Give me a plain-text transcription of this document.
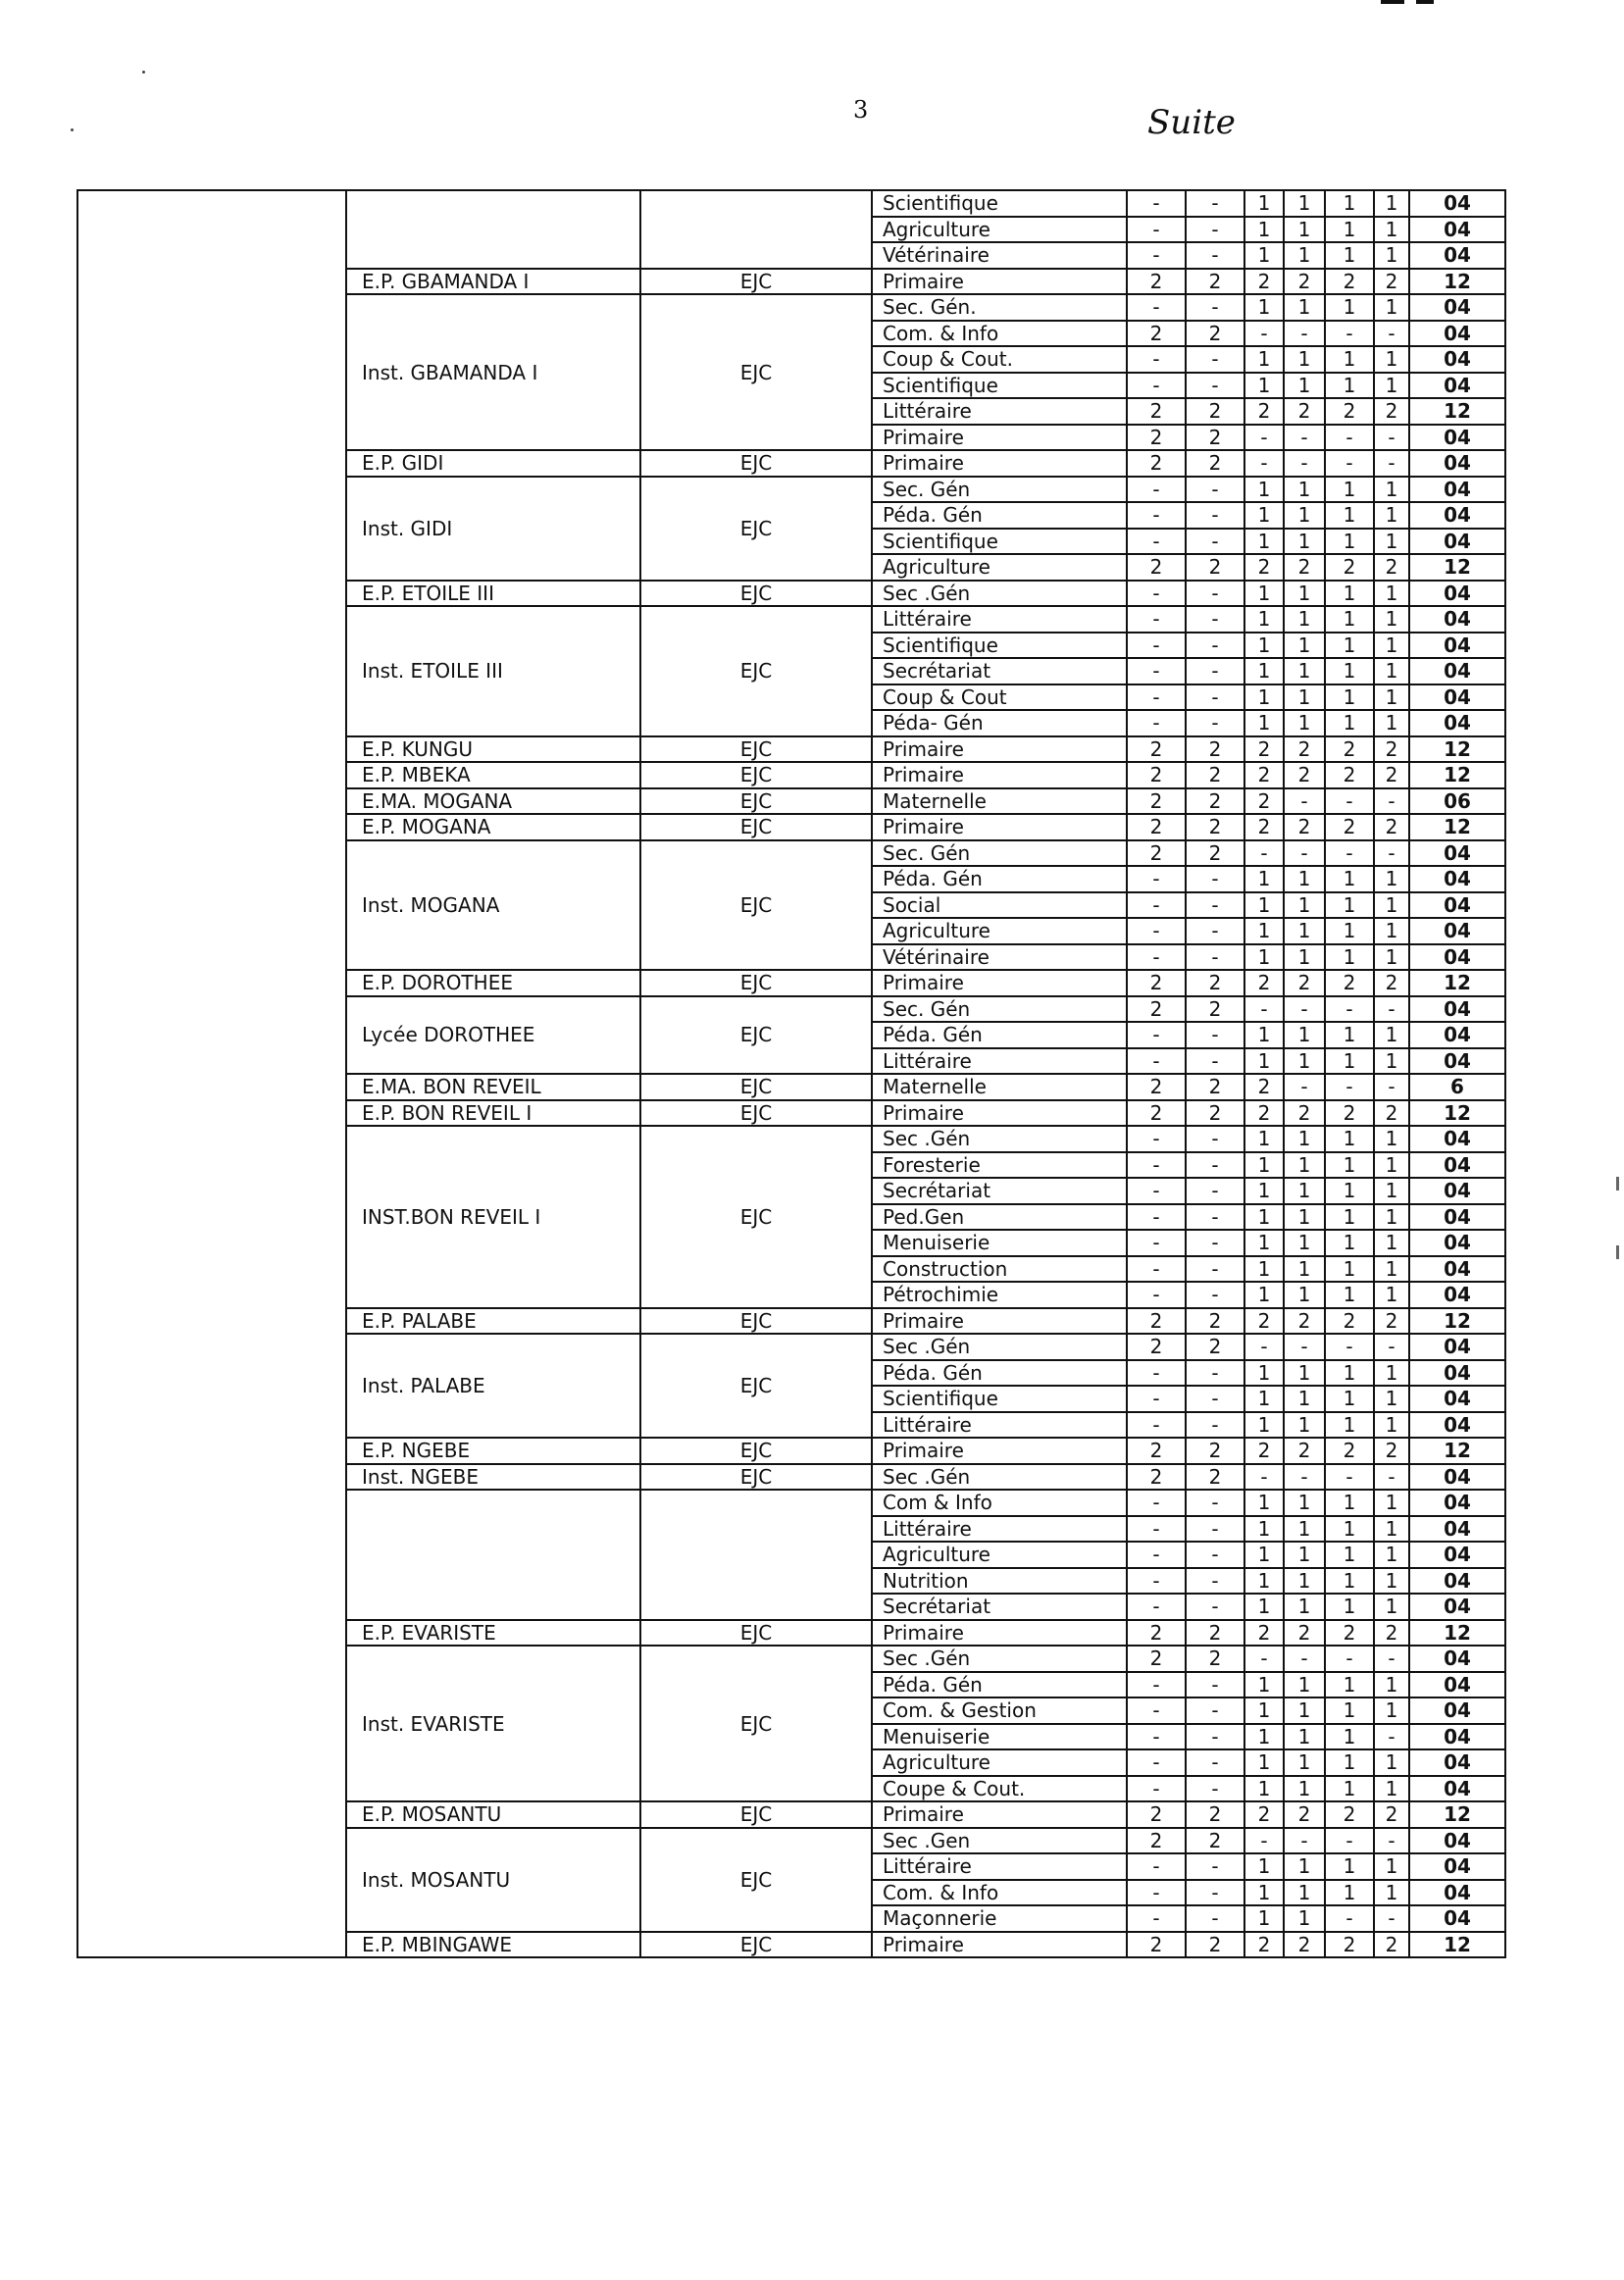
3	Suite
			Scientifique	-	-	1	1	1	1	04
			Agriculture	-	-	1	1	1	1	04
			Vétérinaire	-	-	1	1	1	1	04
	E.P. GBAMANDA I	EJC	Primaire	2	2	2	2	2	2	12
	Inst. GBAMANDA I	EJC	Sec. Gén.	-	-	1	1	1	1	04
			Com. & Info	2	2	-	-	-	-	04
			Coup & Cout.	-	-	1	1	1	1	04
			Scientifique	-	-	1	1	1	1	04
			Littéraire	2	2	2	2	2	2	12
			Primaire	2	2	-	-	-	-	04
	E.P. GIDI	EJC	Primaire	2	2	-	-	-	-	04
	Inst. GIDI	EJC	Sec. Gén	-	-	1	1	1	1	04
			Péda. Gén	-	-	1	1	1	1	04
			Scientifique	-	-	1	1	1	1	04
			Agriculture	2	2	2	2	2	2	12
	E.P. ETOILE III	EJC	Sec .Gén	-	-	1	1	1	1	04
	Inst. ETOILE III	EJC	Littéraire	-	-	1	1	1	1	04
			Scientifique	-	-	1	1	1	1	04
			Secrétariat	-	-	1	1	1	1	04
			Coup & Cout	-	-	1	1	1	1	04
			Péda- Gén	-	-	1	1	1	1	04
	E.P. KUNGU	EJC	Primaire	2	2	2	2	2	2	12
	E.P. MBEKA	EJC	Primaire	2	2	2	2	2	2	12
	E.MA. MOGANA	EJC	Maternelle	2	2	2	-	-	-	06
	E.P. MOGANA	EJC	Primaire	2	2	2	2	2	2	12
	Inst. MOGANA	EJC	Sec. Gén	2	2	-	-	-	-	04
			Péda. Gén	-	-	1	1	1	1	04
			Social	-	-	1	1	1	1	04
			Agriculture	-	-	1	1	1	1	04
			Vétérinaire	-	-	1	1	1	1	04
	E.P. DOROTHEE	EJC	Primaire	2	2	2	2	2	2	12
	Lycée DOROTHEE	EJC	Sec. Gén	2	2	-	-	-	-	04
			Péda. Gén	-	-	1	1	1	1	04
			Littéraire	-	-	1	1	1	1	04
	E.MA. BON REVEIL	EJC	Maternelle	2	2	2	-	-	-	6
	E.P. BON REVEIL I	EJC	Primaire	2	2	2	2	2	2	12
	INST.BON REVEIL I	EJC	Sec .Gén	-	-	1	1	1	1	04
			Foresterie	-	-	1	1	1	1	04
			Secrétariat	-	-	1	1	1	1	04
			Ped.Gen	-	-	1	1	1	1	04
			Menuiserie	-	-	1	1	1	1	04
			Construction	-	-	1	1	1	1	04
			Pétrochimie	-	-	1	1	1	1	04
	E.P. PALABE	EJC	Primaire	2	2	2	2	2	2	12
	Inst. PALABE	EJC	Sec .Gén	2	2	-	-	-	-	04
			Péda. Gén	-	-	1	1	1	1	04
			Scientifique	-	-	1	1	1	1	04
			Littéraire	-	-	1	1	1	1	04
	E.P. NGEBE	EJC	Primaire	2	2	2	2	2	2	12
	Inst. NGEBE	EJC	Sec .Gén	2	2	-	-	-	-	04
			Com & Info	-	-	1	1	1	1	04
			Littéraire	-	-	1	1	1	1	04
			Agriculture	-	-	1	1	1	1	04
			Nutrition	-	-	1	1	1	1	04
			Secrétariat	-	-	1	1	1	1	04
	E.P. EVARISTE	EJC	Primaire	2	2	2	2	2	2	12
	Inst. EVARISTE	EJC	Sec .Gén	2	2	-	-	-	-	04
			Péda. Gén	-	-	1	1	1	1	04
			Com. & Gestion	-	-	1	1	1	1	04
			Menuiserie	-	-	1	1	1	-	04
			Agriculture	-	-	1	1	1	1	04
			Coupe & Cout.	-	-	1	1	1	1	04
	E.P. MOSANTU	EJC	Primaire	2	2	2	2	2	2	12
	Inst. MOSANTU	EJC	Sec .Gen	2	2	-	-	-	-	04
			Littéraire	-	-	1	1	1	1	04
			Com. & Info	-	-	1	1	1	1	04
			Maçonnerie	-	-	1	1	-	-	04
	E.P. MBINGAWE	EJC	Primaire	2	2	2	2	2	2	12
